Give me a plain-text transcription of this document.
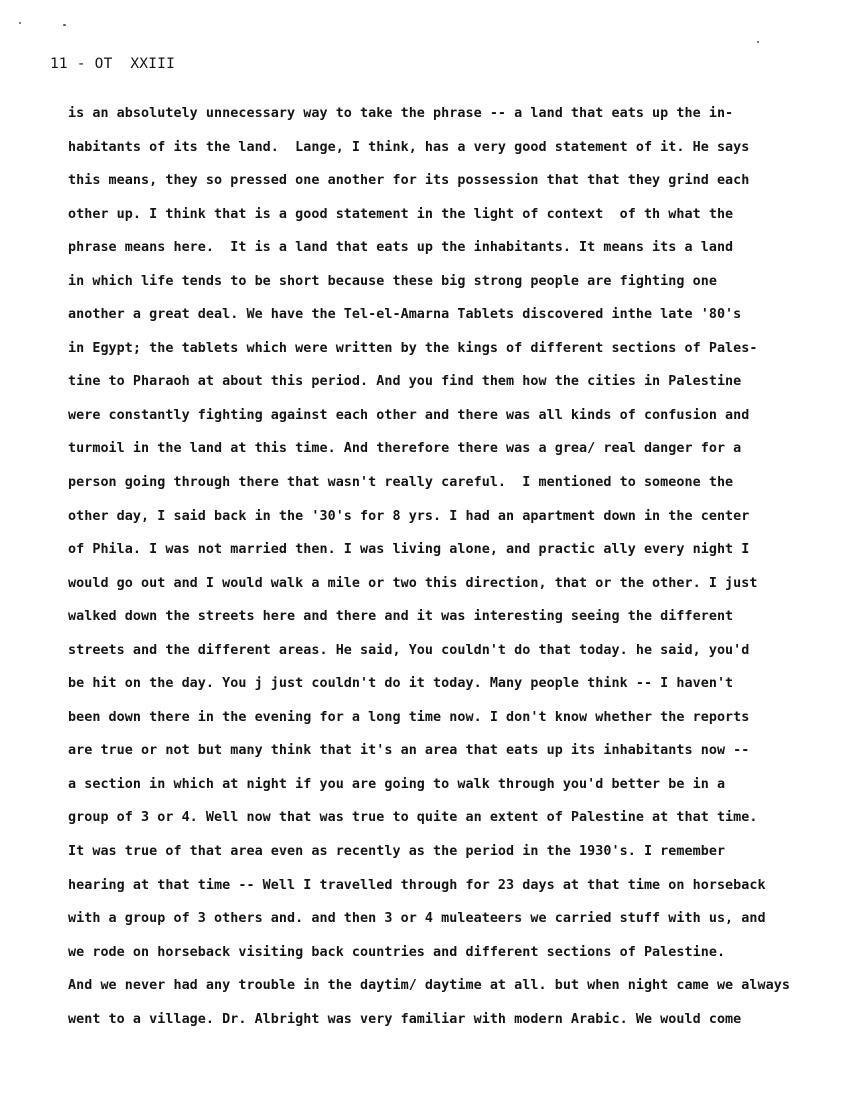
11 - OT  XXIII
is an absolutely unnecessary way to take the phrase -- a land that eats up the in-
habitants of its the land.  Lange, I think, has a very good statement of it. He says
this means, they so pressed one another for its possession that that they grind each
other up. I think that is a good statement in the light of context  of th what the
phrase means here.  It is a land that eats up the inhabitants. It means its a land
in which life tends to be short because these big strong people are fighting one
another a great deal. We have the Tel-el-Amarna Tablets discovered inthe late '80's
in Egypt; the tablets which were written by the kings of different sections of Pales-
tine to Pharaoh at about this period. And you find them how the cities in Palestine
were constantly fighting against each other and there was all kinds of confusion and
turmoil in the land at this time. And therefore there was a grea/ real danger for a
person going through there that wasn't really careful.  I mentioned to someone the
other day, I said back in the '30's for 8 yrs. I had an apartment down in the center
of Phila. I was not married then. I was living alone, and practic ally every night I
would go out and I would walk a mile or two this direction, that or the other. I just
walked down the streets here and there and it was interesting seeing the different
streets and the different areas. He said, You couldn't do that today. he said, you'd
be hit on the day. You j just couldn't do it today. Many people think -- I haven't
been down there in the evening for a long time now. I don't know whether the reports
are true or not but many think that it's an area that eats up its inhabitants now --
a section in which at night if you are going to walk through you'd better be in a
group of 3 or 4. Well now that was true to quite an extent of Palestine at that time.
It was true of that area even as recently as the period in the 1930's. I remember
hearing at that time -- Well I travelled through for 23 days at that time on horseback
with a group of 3 others and. and then 3 or 4 muleateers we carried stuff with us, and
we rode on horseback visiting back countries and different sections of Palestine.
And we never had any trouble in the daytim/ daytime at all. but when night came we always
went to a village. Dr. Albright was very familiar with modern Arabic. We would come
